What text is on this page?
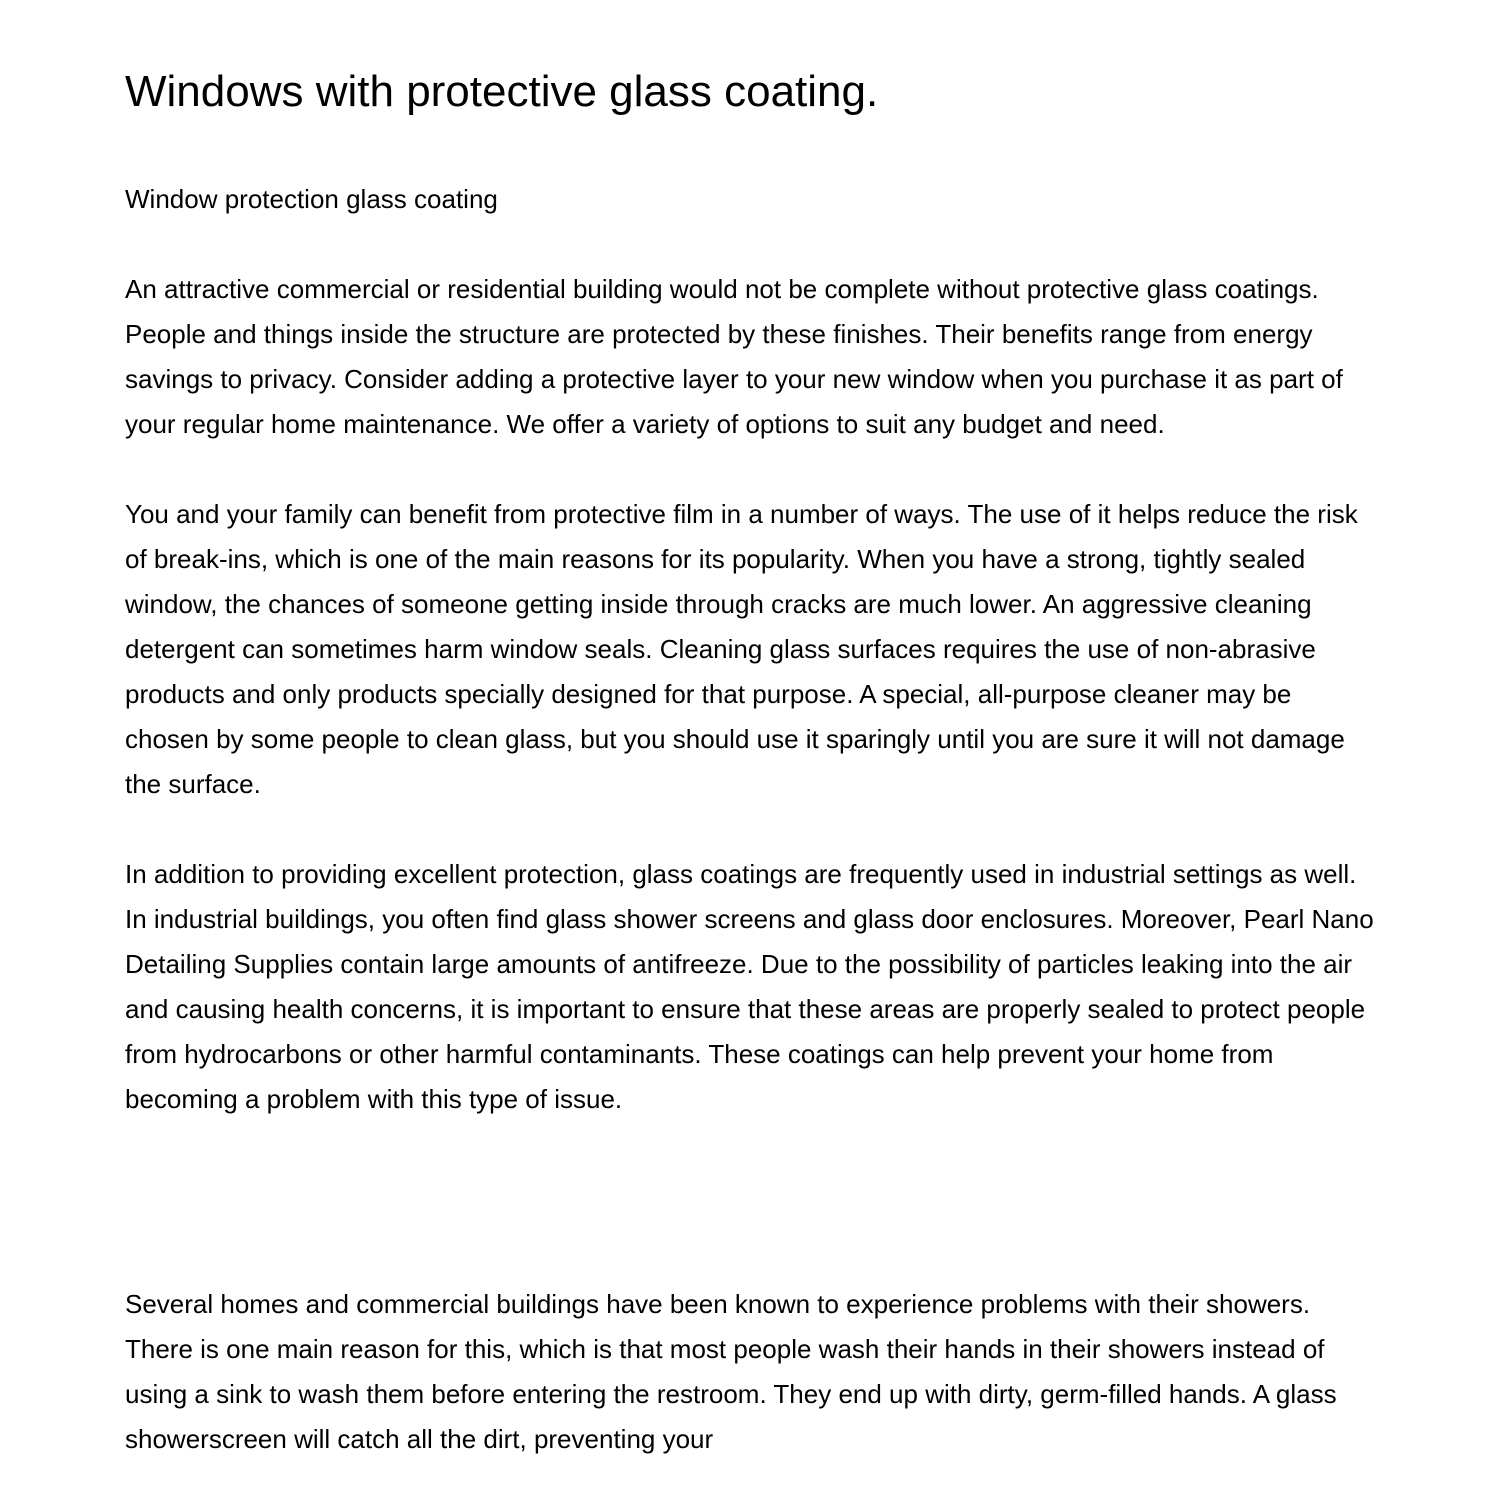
Windows with protective glass coating.

Window protection glass coating

An attractive commercial or residential building would not be complete without protective glass coatings. People and things inside the structure are protected by these finishes. Their benefits range from energy savings to privacy. Consider adding a protective layer to your new window when you purchase it as part of your regular home maintenance. We offer a variety of options to suit any budget and need.

You and your family can benefit from protective film in a number of ways. The use of it helps reduce the risk of break-ins, which is one of the main reasons for its popularity. When you have a strong, tightly sealed window, the chances of someone getting inside through cracks are much lower. An aggressive cleaning detergent can sometimes harm window seals. Cleaning glass surfaces requires the use of non-abrasive products and only products specially designed for that purpose. A special, all-purpose cleaner may be chosen by some people to clean glass, but you should use it sparingly until you are sure it will not damage the surface.

In addition to providing excellent protection, glass coatings are frequently used in industrial settings as well. In industrial buildings, you often find glass shower screens and glass door enclosures. Moreover, Pearl Nano Detailing Supplies contain large amounts of antifreeze. Due to the possibility of particles leaking into the air and causing health concerns, it is important to ensure that these areas are properly sealed to protect people from hydrocarbons or other harmful contaminants. These coatings can help prevent your home from becoming a problem with this type of issue.

Several homes and commercial buildings have been known to experience problems with their showers. There is one main reason for this, which is that most people wash their hands in their showers instead of using a sink to wash them before entering the restroom. They end up with dirty, germ-filled hands. A glass showerscreen will catch all the dirt, preventing your
